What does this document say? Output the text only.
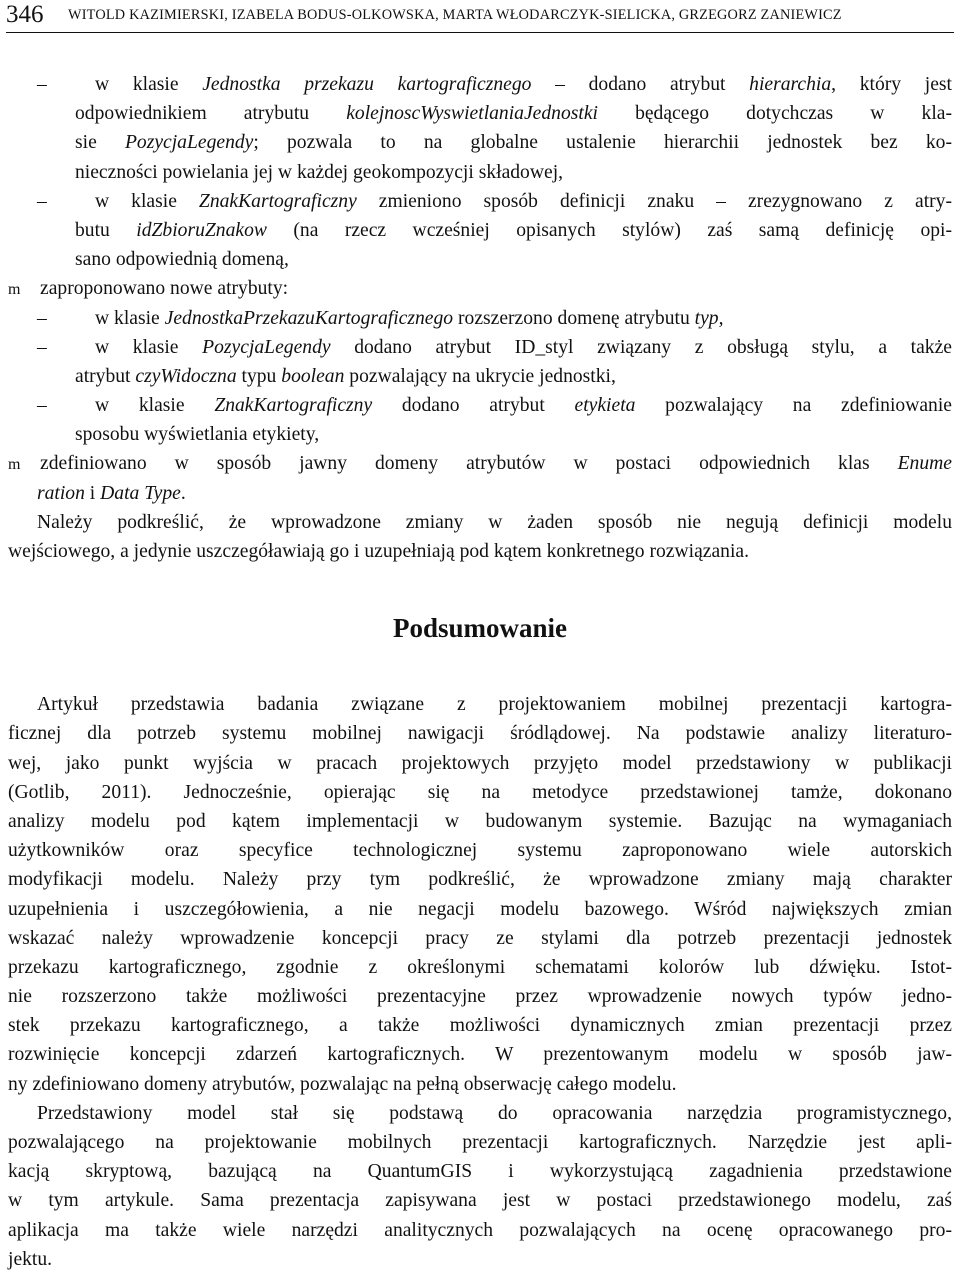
346 WITOLD KAZIMIERSKI, IZABELA BODUS-OLKOWSKA, MARTA WŁODARCZYK-SIELICKA, GRZEGORZ ZANIEWICZ
– w klasie Jednostka przekazu kartograficznego – dodano atrybut hierarchia, który jest
odpowiednikiem atrybutu kolejnoscWyswietlaniaJednostki będącego dotychczas w kla-
sie PozycjaLegendy; pozwala to na globalne ustalenie hierarchii jednostek bez ko-
nieczności powielania jej w każdej geokompozycji składowej,
– w klasie ZnakKartograficzny zmieniono sposób definicji znaku – zrezygnowano z atry-
butu idZbioruZnakow (na rzecz wcześniej opisanych stylów) zaś samą definicję opi-
sano odpowiednią domeną,
m zaproponowano nowe atrybuty:
– w klasie JednostkaPrzekazuKartograficznego rozszerzono domenę atrybutu typ,
– w klasie PozycjaLegendy dodano atrybut ID_styl związany z obsługą stylu, a także
atrybut czyWidoczna typu boolean pozwalający na ukrycie jednostki,
– w klasie ZnakKartograficzny dodano atrybut etykieta pozwalający na zdefiniowanie
sposobu wyświetlania etykiety,
m zdefiniowano w sposób jawny domeny atrybutów w postaci odpowiednich klas Enume
ration i Data Type.
Należy podkreślić, że wprowadzone zmiany w żaden sposób nie negują definicji modelu
wejściowego, a jedynie uszczegóławiają go i uzupełniają pod kątem konkretnego rozwiązania.
Podsumowanie
Artykuł przedstawia badania związane z projektowaniem mobilnej prezentacji kartogra-
ficznej dla potrzeb systemu mobilnej nawigacji śródlądowej. Na podstawie analizy literaturo-
wej, jako punkt wyjścia w pracach projektowych przyjęto model przedstawiony w publikacji
(Gotlib, 2011). Jednocześnie, opierając się na metodyce przedstawionej tamże, dokonano
analizy modelu pod kątem implementacji w budowanym systemie. Bazując na wymaganiach
użytkowników oraz specyfice technologicznej systemu zaproponowano wiele autorskich
modyfikacji modelu. Należy przy tym podkreślić, że wprowadzone zmiany mają charakter
uzupełnienia i uszczegółowienia, a nie negacji modelu bazowego. Wśród największych zmian
wskazać należy wprowadzenie koncepcji pracy ze stylami dla potrzeb prezentacji jednostek
przekazu kartograficznego, zgodnie z określonymi schematami kolorów lub dźwięku. Istot-
nie rozszerzono także możliwości prezentacyjne przez wprowadzenie nowych typów jedno-
stek przekazu kartograficznego, a także możliwości dynamicznych zmian prezentacji przez
rozwinięcie koncepcji zdarzeń kartograficznych. W prezentowanym modelu w sposób jaw-
ny zdefiniowano domeny atrybutów, pozwalając na pełną obserwację całego modelu.
Przedstawiony model stał się podstawą do opracowania narzędzia programistycznego,
pozwalającego na projektowanie mobilnych prezentacji kartograficznych. Narzędzie jest apli-
kacją skryptową, bazującą na QuantumGIS i wykorzystującą zagadnienia przedstawione
w tym artykule. Sama prezentacja zapisywana jest w postaci przedstawionego modelu, zaś
aplikacja ma także wiele narzędzi analitycznych pozwalających na ocenę opracowanego pro-
jektu.
